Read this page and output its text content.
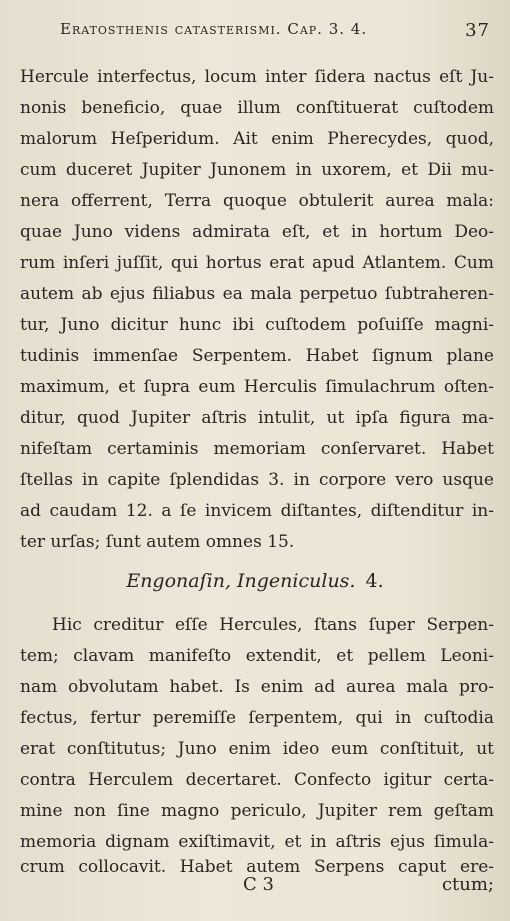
Eratosthenis catasterismi. Cap. 3. 4.	37
Hercule interfectus, locum inter ſidera nactus eſt Ju-
nonis beneficio, quae illum conſtituerat cuſtodem
malorum Heſperidum. Ait enim Pherecydes, quod,
cum duceret Jupiter Junonem in uxorem, et Dii mu-
nera offerrent, Terra quoque obtulerit aurea mala:
quae Juno videns admirata eſt, et in hortum Deo-
rum inſeri juſſit, qui hortus erat apud Atlantem. Cum
autem ab ejus filiabus ea mala perpetuo ſubtraheren-
tur, Juno dicitur hunc ibi cuſtodem poſuiſſe magni-
tudinis immenſae Serpentem. Habet ſignum plane
maximum, et ſupra eum Herculis ſimulachrum oſten-
ditur, quod Jupiter aſtris intulit, ut ipſa figura ma-
nifeſtam certaminis memoriam conſervaret. Habet
ſtellas in capite ſplendidas 3. in corpore vero usque
ad caudam 12. a ſe invicem diſtantes, diſtenditur in-
ter urſas; ſunt autem omnes 15.
Engonaſin, Ingeniculus. 4.
Hic creditur eſſe Hercules, ſtans ſuper Serpen-
tem; clavam manifeſto extendit, et pellem Leoni-
nam obvolutam habet. Is enim ad aurea mala pro-
fectus, fertur peremiſſe ſerpentem, qui in cuſtodia
erat conſtitutus; Juno enim ideo eum conſtituit, ut
contra Herculem decertaret. Confecto igitur certa-
mine non ſine magno periculo, Jupiter rem geſtam
memoria dignam exiſtimavit, et in aſtris ejus ſimula-
crum collocavit. Habet autem Serpens caput ere-
C 3	ctum;
